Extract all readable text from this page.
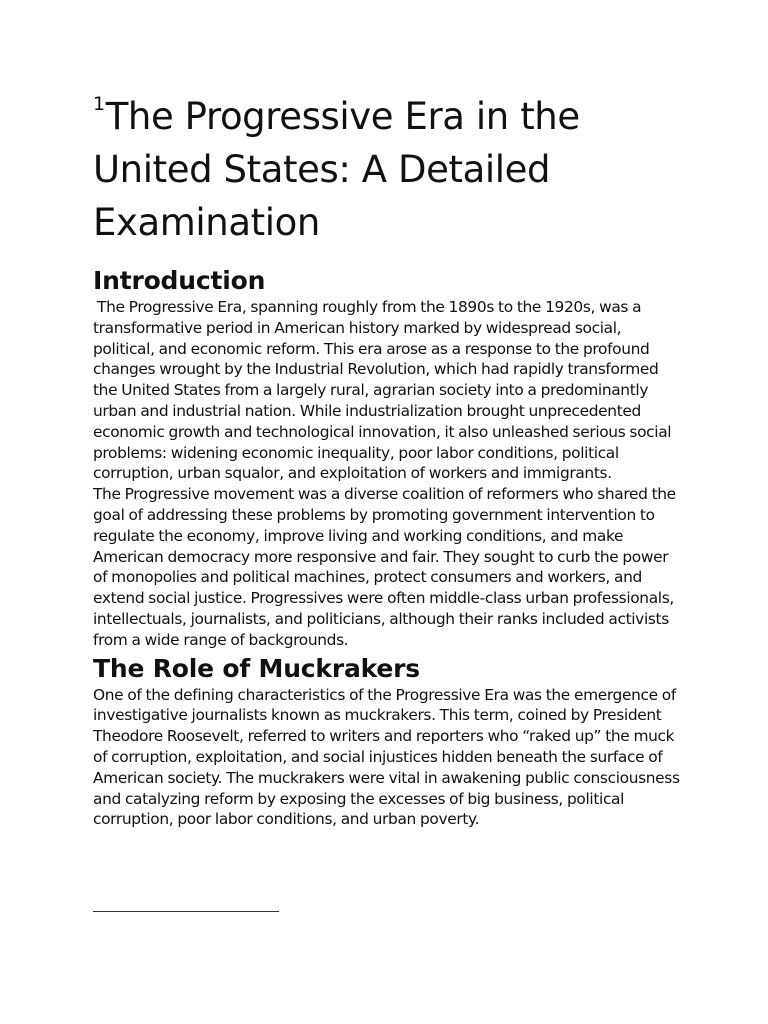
$^1$The Progressive Era in the United States: A Detailed Examination
Introduction

The Progressive Era, spanning roughly from the 1890s to the 1920s, was a transformative period in American history marked by widespread social, political, and economic reform. This era arose as a response to the profound changes wrought by the Industrial Revolution, which had rapidly transformed the United States from a largely rural, agrarian society into a predominantly urban and industrial nation. While industrialization brought unprecedented economic growth and technological innovation, it also unleashed serious social problems: widening economic inequality, poor labor conditions, political corruption, urban squalor, and exploitation of workers and immigrants.

The Progressive movement was a diverse coalition of reformers who shared the goal of addressing these problems by promoting government intervention to regulate the economy, improve living and working conditions, and make American democracy more responsive and fair. They sought to curb the power of monopolies and political machines, protect consumers and workers, and extend social justice. Progressives were often middle-class urban professionals, intellectuals, journalists, and politicians, although their ranks included activists from a wide range of backgrounds.

The Role of Muckrakers

One of the defining characteristics of the Progressive Era was the emergence of investigative journalists known as muckrakers. This term, coined by President Theodore Roosevelt, referred to writers and reporters who “raked up” the muck of corruption, exploitation, and social injustices hidden beneath the surface of American society. The muckrakers were vital in awakening public consciousness and catalyzing reform by exposing the excesses of big business, political corruption, poor labor conditions, and urban poverty.
